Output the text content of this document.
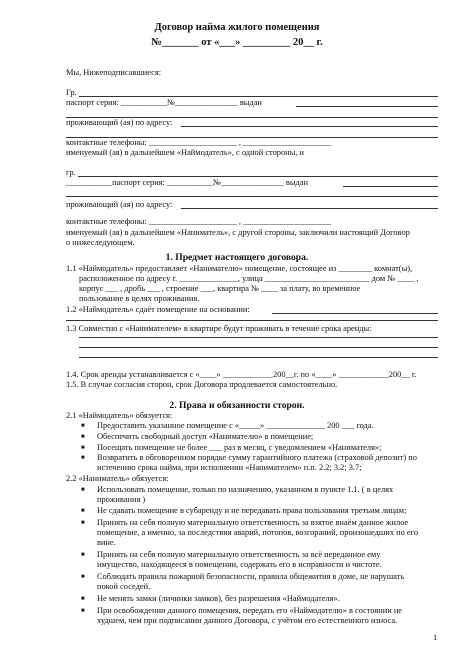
Договор найма жилого помещения
№_______ от «___» _________ 20__ г.
Мы, Нижеподписавшиеся:
Гр.
паспорт серия: ___________№_______________ выдан
проживающий (ая) по адресу:
контактные телефоны: _____________________ , _____________________
именуемый (ая) в дальнейшем «Наймодатель», с одной стороны, и
гр.
___________паспорт серия: ___________№_______________ выдан
проживающий (ая) по адресу:
контактные телефоны: _____________________ , _____________________
именуемый (ая) в дальнейшем «Наниматель», с другой стороны, заключили настоящий Договор
о нижеследующем.
1. Предмет настоящего договора.
1.1 «Наймодатель» предоставляет «Нанимателю» помещение, состоящее из ________ комнат(ы),
расположенное по адресу г. ______________, улица _________________________ дом № ____ ,
корпус ___ , дробь ___ , строение ___, квартира № ____ за плату, во временное
пользование в целях проживания.
1.2 «Наймодатель» сдаёт помещение на основании:
1.3 Совместно с «Нанимателем» в квартире будут проживать в течение срока аренды:
1.4. Срок аренды устанавливается с «____» ____________200__г. по «____» ____________200__ г.
1.5. В случае согласия сторон, срок Договора продлевается самостоятельно.
2. Права и обязанности сторон.
2.1 «Наймодатель» обязуется:
■ Предоставить указанное помещение с «_____» ______________ 200 ___ года.
■ Обеспечить свободный доступ «Нанимателю» в помещение;
■ Посещать помещение не более ___ раз в месяц, с уведомлением «Нанимателя»;
■ Возвратить в обговоренном порядке сумму гарантийного платежа (страховой депозит) по
истечению срока найма, при исполнении «Нанимателем» п.п. 2.2; 3.2; 3.7;
2.2 «Наниматель» обязуется:
■ Использовать помещение, только по назначению, указанном в пункте 1.1. ( в целях
проживания )
■ Не сдавать помещение в субаренду и не передавать права пользования третьим лицам;
■ Принять на себя полную материальную ответственность за взятое внаём данное жилое
помещение, а именно, за последствия аварий, потопов, возгораний, произошедших по его
вине.
■ Принять на себя полную материальную ответственность за всё переданное ему
имущество, находящееся в помещении, содержать его в исправности и чистоте.
■ Соблюдать правила пожарной безопасности, правила общежития в доме, не нарушать
покой соседей.
■ Не менять замки (личинки замков), без разрешения «Наймодателя».
■ При освобождении данного помещения, передать его «Наймодателю» в состоянии не
худшем, чем при подписании данного Договора, с учётом его естественного износа.
1
